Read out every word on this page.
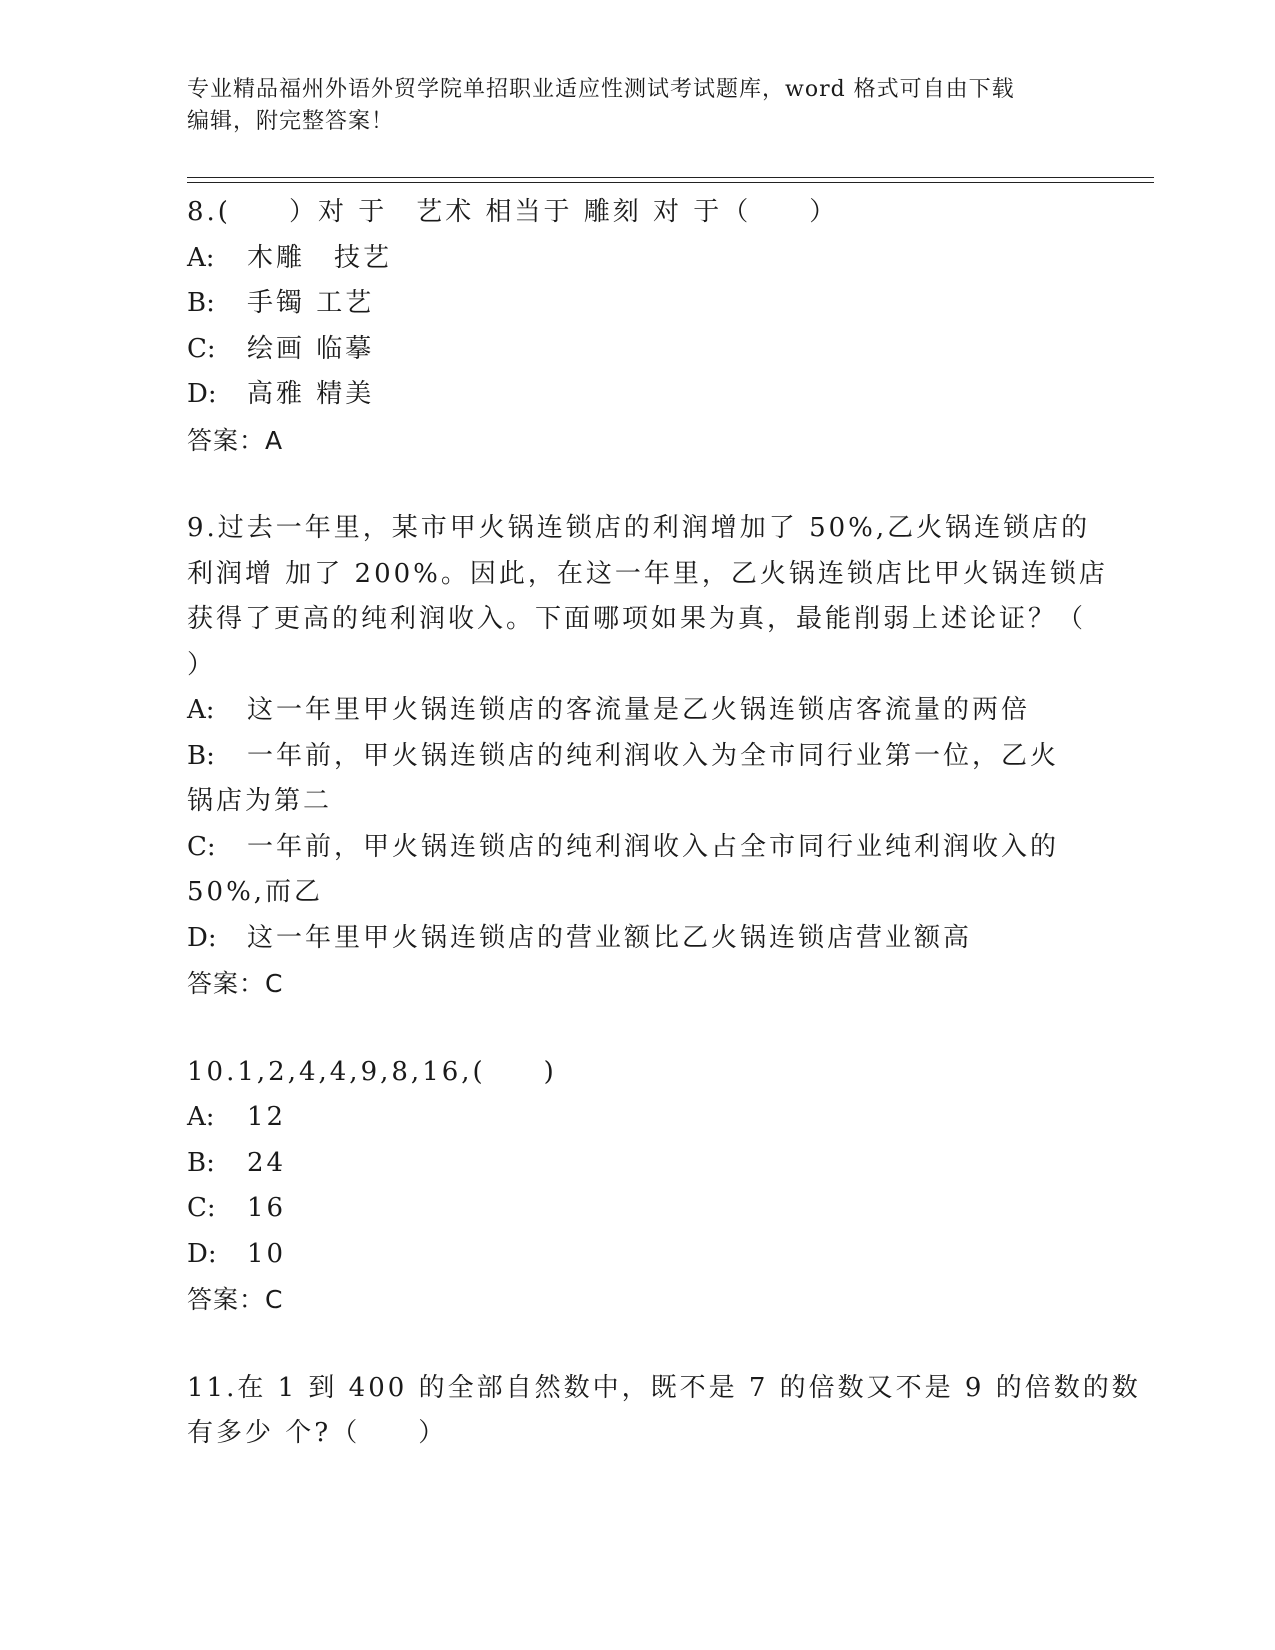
专业精品福州外语外贸学院单招职业适应性测试考试题库，word 格式可自由下载
编辑，附完整答案！
8.(　　）对 于　艺术 相当于 雕刻 对 于（　　）
A:	木雕　技艺
B:	手镯 工艺
C:	绘画 临摹
D:	高雅 精美
答案：A
9.过去一年里，某市甲火锅连锁店的利润增加了 50%,乙火锅连锁店的
利润增 加了 200%。因此，在这一年里，乙火锅连锁店比甲火锅连锁店
获得了更高的纯利润收入。下面哪项如果为真，最能削弱上述论证？（
）
A:	这一年里甲火锅连锁店的客流量是乙火锅连锁店客流量的两倍
B:	一年前，甲火锅连锁店的纯利润收入为全市同行业第一位，乙火
锅店为第二
C:	一年前，甲火锅连锁店的纯利润收入占全市同行业纯利润收入的
50%,而乙
D:	这一年里甲火锅连锁店的营业额比乙火锅连锁店营业额高
答案：C
10.1,2,4,4,9,8,16,(　　)
A:	12
B:	24
C:	16
D:	10
答案：C
11.在 1 到 400 的全部自然数中，既不是 7 的倍数又不是 9 的倍数的数
有多少 个?（　　）
